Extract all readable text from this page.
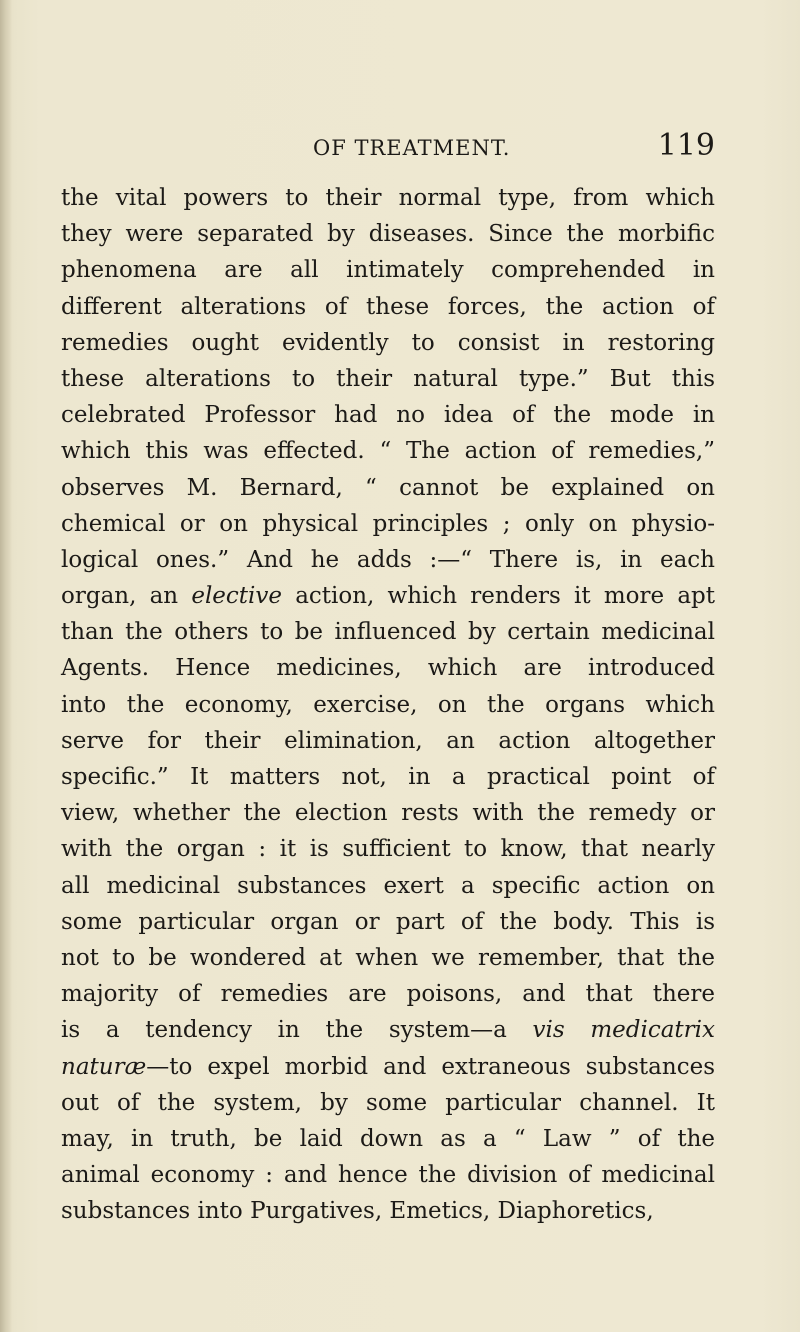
OF TREATMENT.	119
the vital powers to their normal type, from which
they were separated by diseases. Since the morbific
phenomena are all intimately comprehended in
different alterations of these forces, the action of
remedies ought evidently to consist in restoring
these alterations to their natural type.” But this
celebrated Professor had no idea of the mode in
which this was effected. “ The action of remedies,”
observes M. Bernard, “ cannot be explained on
chemical or on physical principles ; only on physio-
logical ones.” And he adds :—“ There is, in each
organ, an elective action, which renders it more apt
than the others to be influenced by certain medicinal
Agents. Hence medicines, which are introduced
into the economy, exercise, on the organs which
serve for their elimination, an action altogether
specific.” It matters not, in a practical point of
view, whether the election rests with the remedy or
with the organ : it is sufficient to know, that nearly
all medicinal substances exert a specific action on
some particular organ or part of the body. This is
not to be wondered at when we remember, that the
majority of remedies are poisons, and that there
is a tendency in the system—a vis medicatrix
naturæ—to expel morbid and extraneous substances
out of the system, by some particular channel. It
may, in truth, be laid down as a “ Law ” of the
animal economy : and hence the division of medicinal
substances into Purgatives, Emetics, Diaphoretics,
